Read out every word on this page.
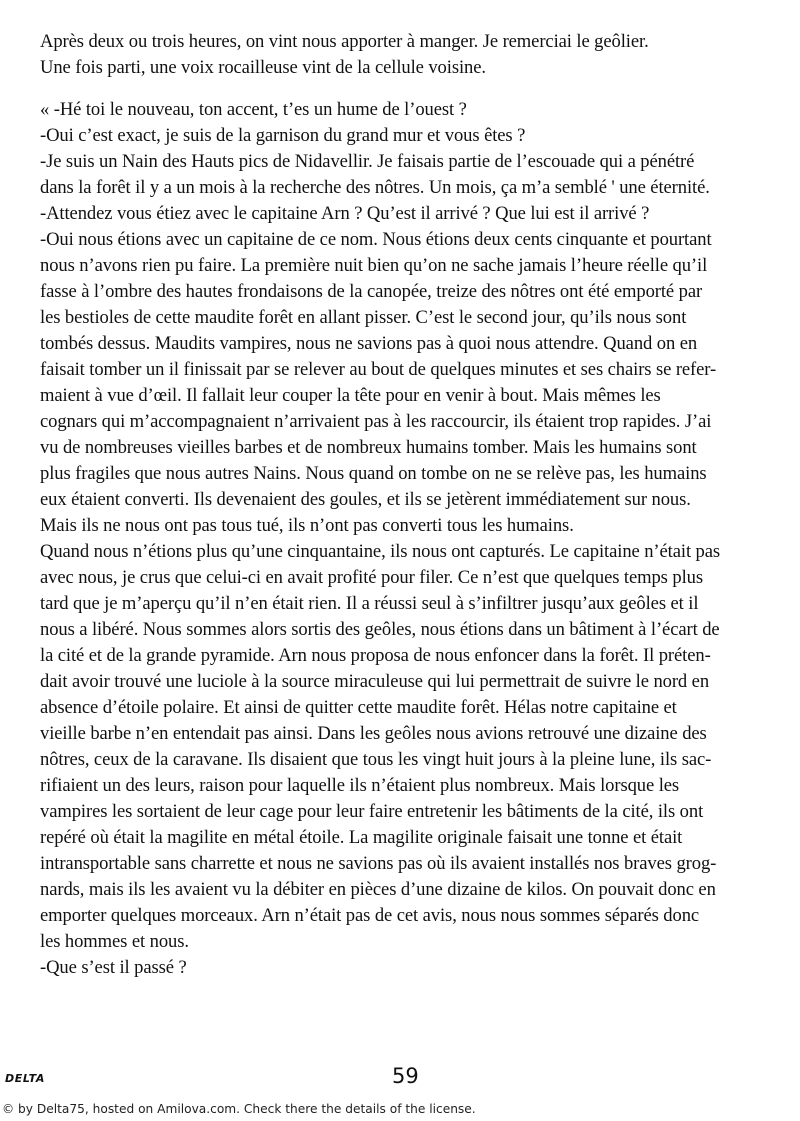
Après deux ou trois heures, on vint nous apporter à manger. Je remerciai le geôlier.
Une fois parti, une voix rocailleuse vint de la cellule voisine.
« -Hé toi le nouveau, ton accent, t’es un hume de l’ouest ?
-Oui c’est exact, je suis de la garnison du grand mur et vous êtes ?
-Je suis un Nain des Hauts pics de Nidavellir. Je faisais partie de l’escouade qui a pénétré
dans la forêt il y a un mois à la recherche des nôtres. Un mois, ça m’a semblé ' une éternité.
-Attendez vous étiez avec le capitaine Arn ? Qu’est il arrivé ? Que lui est il arrivé ?
-Oui nous étions avec un capitaine de ce nom. Nous étions deux cents cinquante et pourtant
nous n’avons rien pu faire. La première nuit bien qu’on ne sache jamais l’heure réelle qu’il
fasse à l’ombre des hautes frondaisons de la canopée, treize des nôtres ont été emporté par
les bestioles de cette maudite forêt en allant pisser. C’est le second jour, qu’ils nous sont
tombés dessus. Maudits vampires, nous ne savions pas à quoi nous attendre. Quand on en
faisait tomber un il finissait par se relever au bout de quelques minutes et ses chairs se refer-
maient à vue d’œil. Il fallait leur couper la tête pour en venir à bout. Mais mêmes les
cognars qui m’accompagnaient n’arrivaient pas à les raccourcir, ils étaient trop rapides. J’ai
vu de nombreuses vieilles barbes et de nombreux humains tomber. Mais les humains sont
plus fragiles que nous autres Nains. Nous quand on tombe on ne se relève pas, les humains
eux étaient converti. Ils devenaient des goules, et ils se jetèrent immédiatement sur nous.
Mais ils ne nous ont pas tous tué, ils n’ont pas converti tous les humains.
Quand nous n’étions plus qu’une cinquantaine, ils nous ont capturés. Le capitaine n’était pas
avec nous, je crus que celui-ci en avait profité pour filer. Ce n’est que quelques temps plus
tard que je m’aperçu qu’il n’en était rien. Il a réussi seul à s’infiltrer jusqu’aux geôles et il
nous a libéré. Nous sommes alors sortis des geôles, nous étions dans un bâtiment à l’écart de
la cité et de la grande pyramide. Arn nous proposa de nous enfoncer dans la forêt. Il préten-
dait avoir trouvé une luciole à la source miraculeuse qui lui permettrait de suivre le nord en
absence d’étoile polaire. Et ainsi de quitter cette maudite forêt. Hélas notre capitaine et
vieille barbe n’en entendait pas ainsi. Dans les geôles nous avions retrouvé une dizaine des
nôtres, ceux de la caravane. Ils disaient que tous les vingt huit jours à la pleine lune, ils sac-
rifiaient un des leurs, raison pour laquelle ils n’étaient plus nombreux. Mais lorsque les
vampires les sortaient de leur cage pour leur faire entretenir les bâtiments de la cité, ils ont
repéré où était la magilite en métal étoile. La magilite originale faisait une tonne et était
intransportable sans charrette et nous ne savions pas où ils avaient installés nos braves grog-
nards, mais ils les avaient vu la débiter en pièces d’une dizaine de kilos. On pouvait donc en
emporter quelques morceaux. Arn n’était pas de cet avis, nous nous sommes séparés donc
les hommes et nous.
-Que s’est il passé ?
DELTA	59
© by Delta75, hosted on Amilova.com. Check there the details of the license.
